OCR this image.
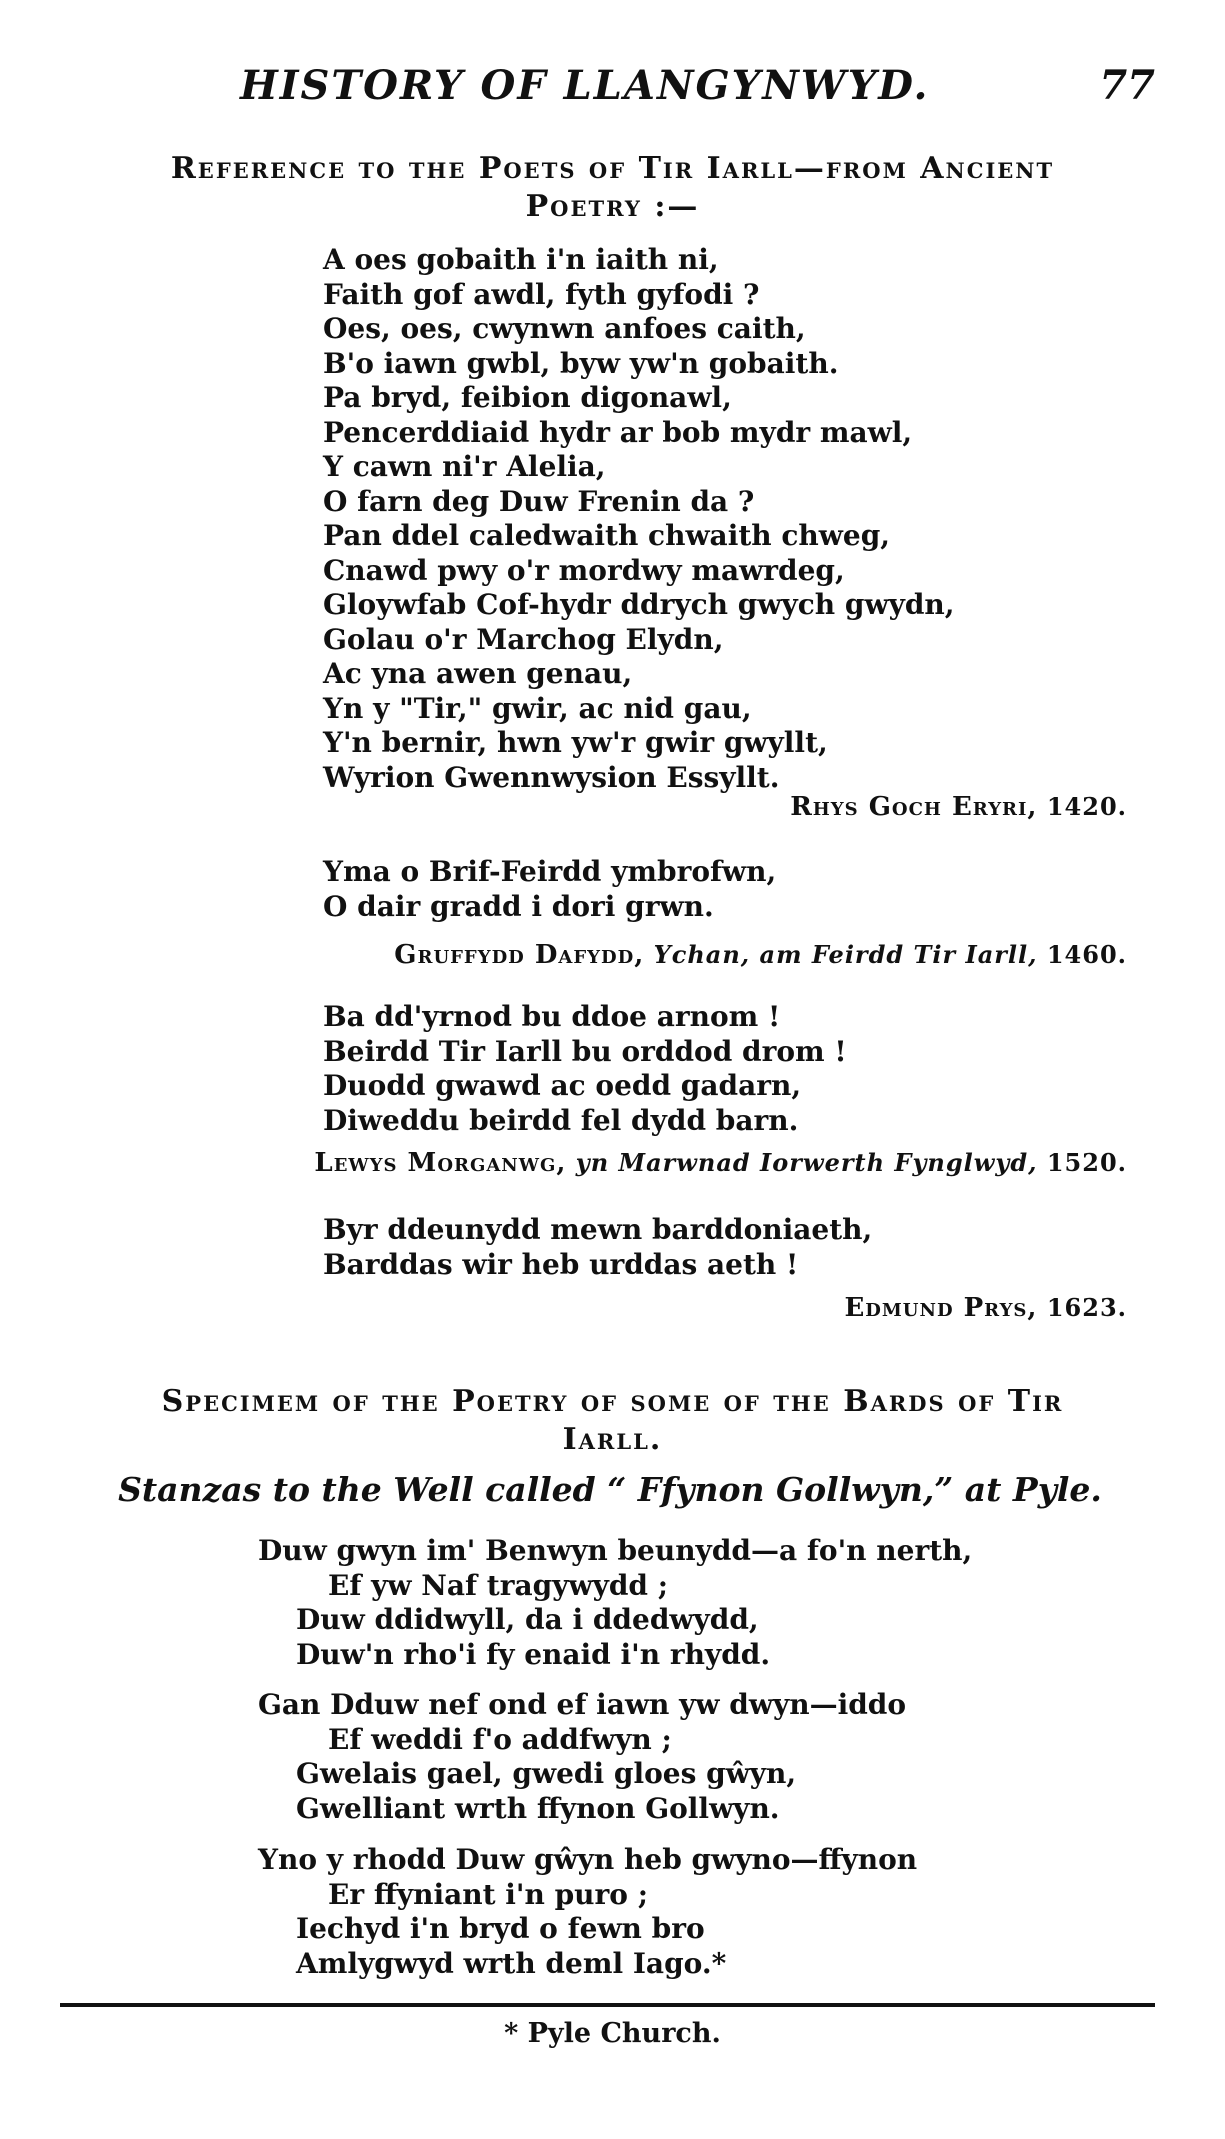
HISTORY OF LLANGYNWYD.	77
Reference to the Poets of Tir Iarll—from Ancient
Poetry :—
A oes gobaith i'n iaith ni,
Faith gof awdl, fyth gyfodi ?
Oes, oes, cwynwn anfoes caith,
B'o iawn gwbl, byw yw'n gobaith.
Pa bryd, feibion digonawl,
Pencerddiaid hydr ar bob mydr mawl,
Y cawn ni'r Alelia,
O farn deg Duw Frenin da ?
Pan ddel caledwaith chwaith chweg,
Cnawd pwy o'r mordwy mawrdeg,
Gloywfab Cof-hydr ddrych gwych gwydn,
Golau o'r Marchog Elydn,
Ac yna awen genau,
Yn y "Tir," gwir, ac nid gau,
Y'n bernir, hwn yw'r gwir gwyllt,
Wyrion Gwennwysion Essyllt.
Rhys Goch Eryri, 1420.
Yma o Brif-Feirdd ymbrofwn,
O dair gradd i dori grwn.
Gruffydd Dafydd, Ychan, am Feirdd Tir Iarll, 1460.
Ba dd'yrnod bu ddoe arnom !
Beirdd Tir Iarll bu orddod drom !
Duodd gwawd ac oedd gadarn,
Diweddu beirdd fel dydd barn.
Lewys Morganwg, yn Marwnad Iorwerth Fynglwyd, 1520.
Byr ddeunydd mewn barddoniaeth,
Barddas wir heb urddas aeth !
Edmund Prys, 1623.
Specimem of the Poetry of some of the Bards of Tir
Iarll.
Stanzas to the Well called “ Ffynon Gollwyn,” at Pyle.
Duw gwyn im' Benwyn beunydd—a fo'n nerth,
Ef yw Naf tragywydd ;
Duw ddidwyll, da i ddedwydd,
Duw'n rho'i fy enaid i'n rhydd.
Gan Dduw nef ond ef iawn yw dwyn—iddo
Ef weddi f'o addfwyn ;
Gwelais gael, gwedi gloes gŵyn,
Gwelliant wrth ffynon Gollwyn.
Yno y rhodd Duw gŵyn heb gwyno—ffynon
Er ffyniant i'n puro ;
Iechyd i'n bryd o fewn bro
Amlygwyd wrth deml Iago.*
* Pyle Church.
